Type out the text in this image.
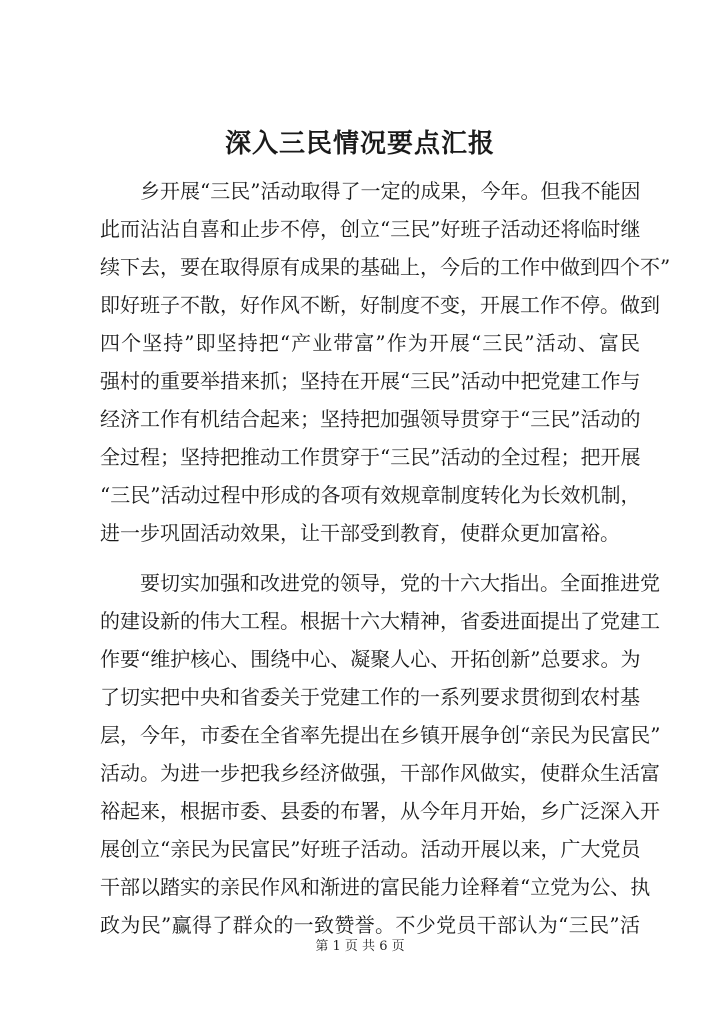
深入三民情况要点汇报
乡开展“三民”活动取得了一定的成果，今年。但我不能因
此而沾沾自喜和止步不停，创立“三民”好班子活动还将临时继
续下去，要在取得原有成果的基础上，今后的工作中做到四个不”
即好班子不散，好作风不断，好制度不变，开展工作不停。做到
四个坚持”即坚持把“产业带富”作为开展“三民”活动、富民
强村的重要举措来抓；坚持在开展“三民”活动中把党建工作与
经济工作有机结合起来；坚持把加强领导贯穿于“三民”活动的
全过程；坚持把推动工作贯穿于“三民”活动的全过程；把开展
“三民”活动过程中形成的各项有效规章制度转化为长效机制，
进一步巩固活动效果，让干部受到教育，使群众更加富裕。
要切实加强和改进党的领导，党的十六大指出。全面推进党
的建设新的伟大工程。根据十六大精神，省委进面提出了党建工
作要“维护核心、围绕中心、凝聚人心、开拓创新”总要求。为
了切实把中央和省委关于党建工作的一系列要求贯彻到农村基
层，今年，市委在全省率先提出在乡镇开展争创“亲民为民富民”
活动。为进一步把我乡经济做强，干部作风做实，使群众生活富
裕起来，根据市委、县委的布署，从今年月开始，乡广泛深入开
展创立“亲民为民富民”好班子活动。活动开展以来，广大党员
干部以踏实的亲民作风和渐进的富民能力诠释着“立党为公、执
政为民”赢得了群众的一致赞誉。不少党员干部认为“三民”活
第 1 页 共 6 页
